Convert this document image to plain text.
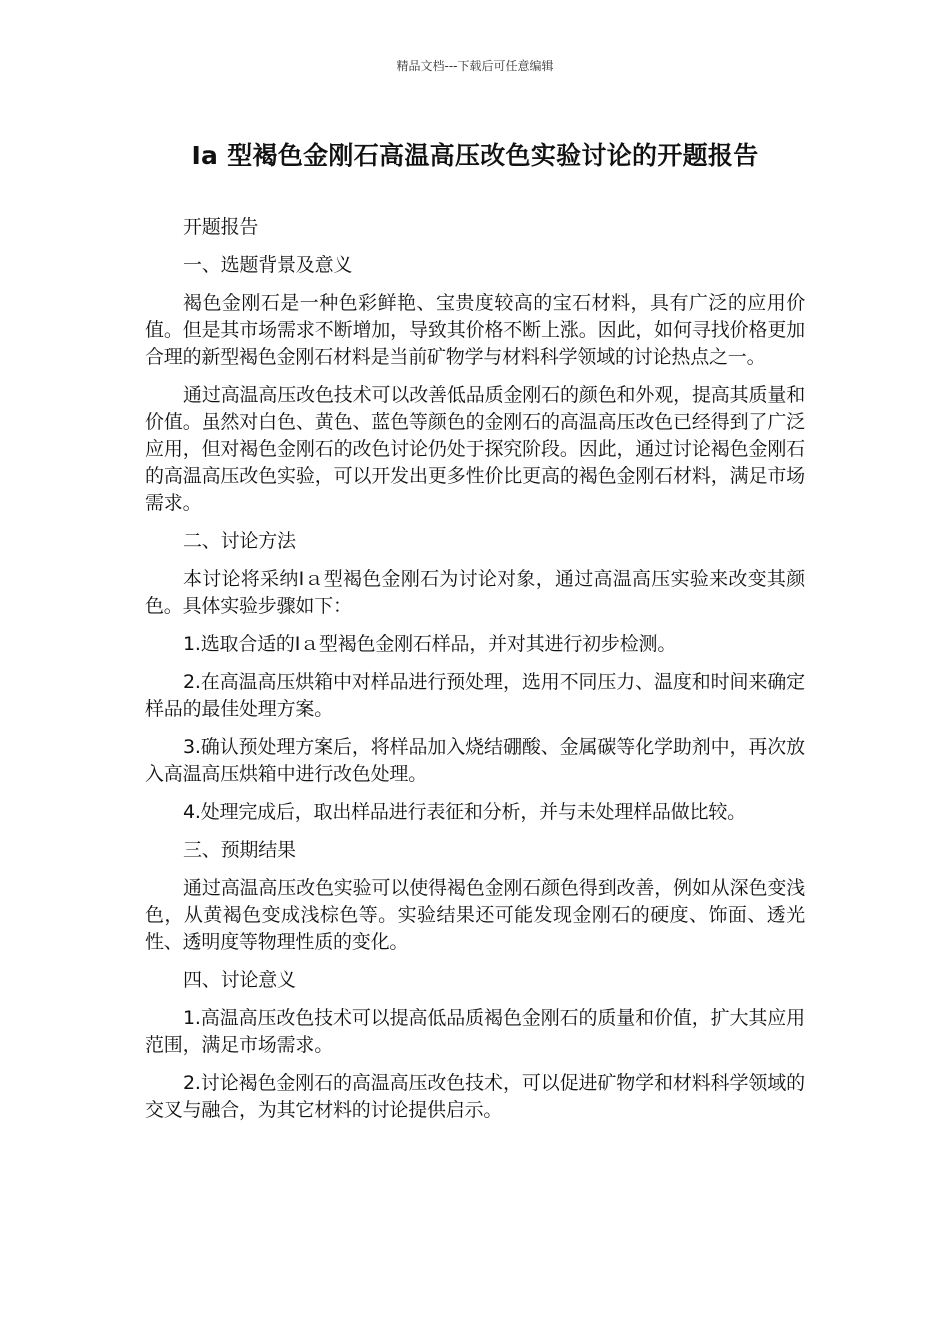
精品文档---下载后可任意编辑
Ⅰa 型褐色金刚石高温高压改色实验讨论的开题报告

开题报告

一、选题背景及意义

褐色金刚石是一种色彩鲜艳、宝贵度较高的宝石材料，具有广泛的应用价值。但是其市场需求不断增加，导致其价格不断上涨。因此，如何寻找价格更加合理的新型褐色金刚石材料是当前矿物学与材料科学领域的讨论热点之一。

通过高温高压改色技术可以改善低品质金刚石的颜色和外观，提高其质量和价值。虽然对白色、黄色、蓝色等颜色的金刚石的高温高压改色已经得到了广泛应用，但对褐色金刚石的改色讨论仍处于探究阶段。因此，通过讨论褐色金刚石的高温高压改色实验，可以开发出更多性价比更高的褐色金刚石材料，满足市场需求。

二、讨论方法

本讨论将采纳Ⅰａ型褐色金刚石为讨论对象，通过高温高压实验来改变其颜色。具体实验步骤如下：

1.选取合适的Ⅰａ型褐色金刚石样品，并对其进行初步检测。

2.在高温高压烘箱中对样品进行预处理，选用不同压力、温度和时间来确定样品的最佳处理方案。

3.确认预处理方案后，将样品加入烧结硼酸、金属碳等化学助剂中，再次放入高温高压烘箱中进行改色处理。

4.处理完成后，取出样品进行表征和分析，并与未处理样品做比较。

三、预期结果

通过高温高压改色实验可以使得褐色金刚石颜色得到改善，例如从深色变浅色，从黄褐色变成浅棕色等。实验结果还可能发现金刚石的硬度、饰面、透光性、透明度等物理性质的变化。

四、讨论意义

1.高温高压改色技术可以提高低品质褐色金刚石的质量和价值，扩大其应用范围，满足市场需求。

2.讨论褐色金刚石的高温高压改色技术，可以促进矿物学和材料科学领域的交叉与融合，为其它材料的讨论提供启示。
